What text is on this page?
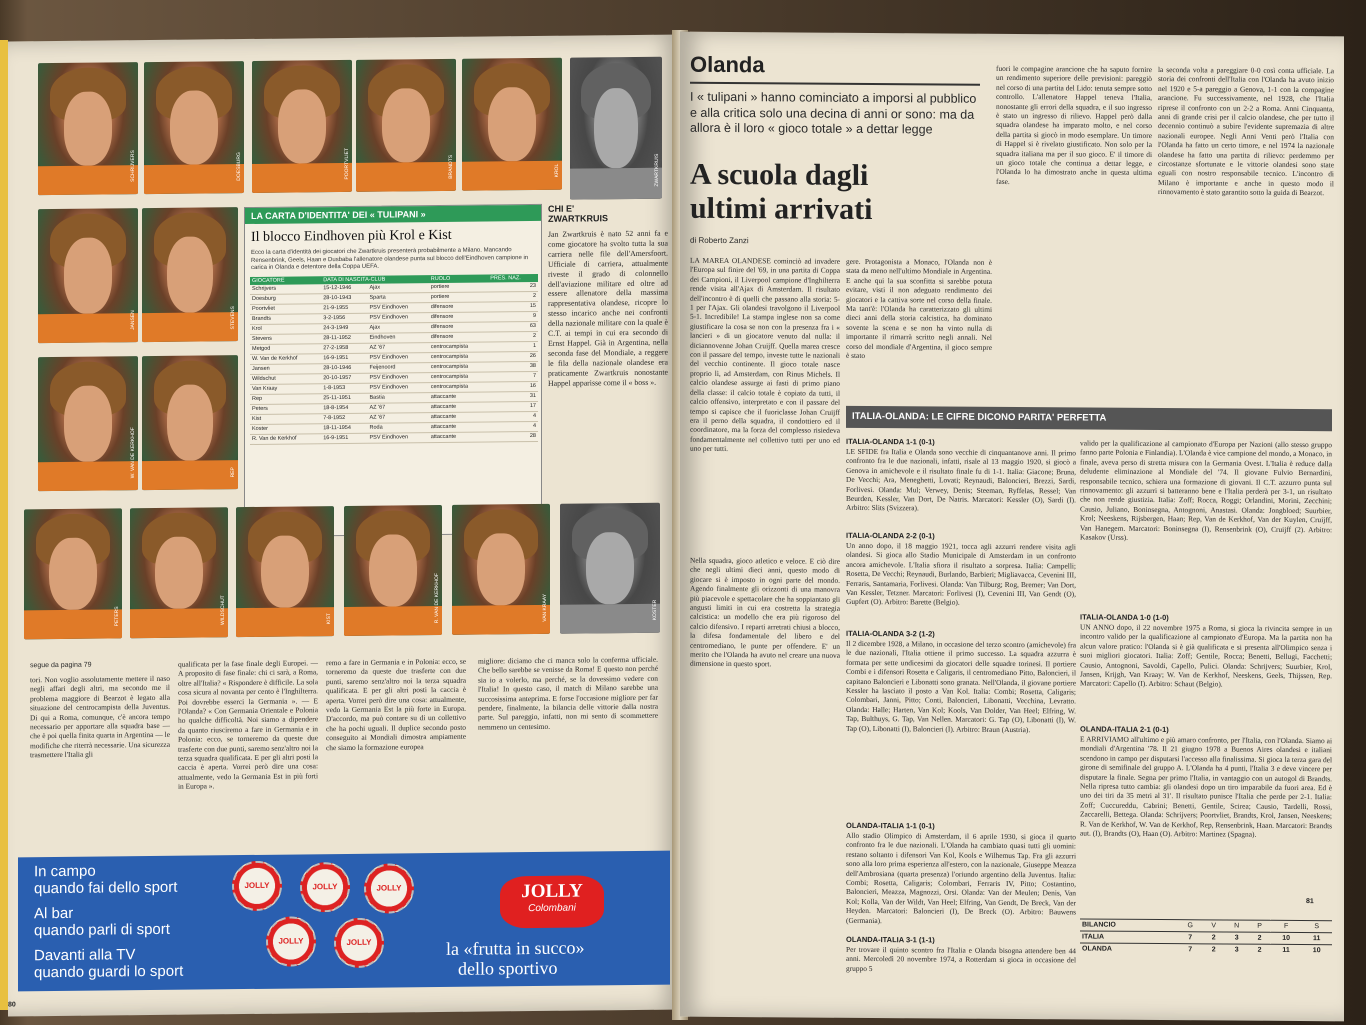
LA CARTA D'IDENTITA' DEI « TULIPANI »
Il blocco Eindhoven più Krol e Kist

Ecco la carta d'identità dei giocatori che Zwartkruis presenterà probabilmente a Milano. Mancando Rensenbrink, Geels, Haan e Dusbaba l'allenatore olandese punta sul blocco dell'Eindhoven campione in carica in Olanda e detentore della Coppa UEFA.

GIOCATORE	DATA DI NASCITA-CLUB		RUOLO	PRES. NAZ.
Schrijvers	15-12-1946	Ajax	portiere	23
Doesburg	28-10-1943	Sparta	portiere	2
Poortvliet	21-9-1955	PSV Eindhoven	difensore	15
Brandts	3-2-1956	PSV Eindhoven	difensore	9
Krol	24-3-1949	Ajax	difensore	63
Stevens	28-11-1952	Eindhoven	difensore	2
Metgod	27-2-1958	AZ '67	centrocampista	1
W. Van de Kerkhof	16-9-1951	PSV Eindhoven	centrocampista	26
Jansen	28-10-1946	Feijenoord	centrocampista	38
Wildschut	20-10-1957	PSV Eindhoven	centrocampista	7
Van Kraay	1-8-1953	PSV Eindhoven	centrocampista	16
Rep	25-11-1951	Bastia	attaccante	31
Peters	18-8-1954	AZ '67	attaccante	17
Kist	7-8-1952	AZ '67	attaccante	4
Koster	18-11-1954	Roda	attaccante	4
R. Van de Kerkhof	16-9-1951	PSV Eindhoven	attaccante	28
CHI E' ZWARTKRUIS
Jan Zwartkruis è nato 52 anni fa e come giocatore ha svolto tutta la sua carriera nelle file dell'Amersfoort. Ufficiale di carriera, attualmente riveste il grado di colonnello dell'aviazione militare ed oltre ad essere allenatore della massima rappresentativa olandese, ricopre lo stesso incarico anche nei confronti della nazionale militare con la quale è C.T. ai tempi in cui era secondo di Ernst Happel. Già in Argentina, nella seconda fase del Mondiale, a reggere le fila della nazionale olandese era praticamente Zwartkruis nonostante Happel apparisse come il « boss ».
segue da pagina 79
tori. Non voglio assolutamente mettere il naso negli affari degli altri, ma secondo me il problema maggiore di Bearzot è legato alla situazione del centrocampista della Juventus. Di qui a Roma, comunque, c'è ancora tempo necessario per apportare alla squadra base — che è poi quella finita quarta in Argentina — le modifiche che riterrà necessarie. Una sicurezza trasmettere l'Italia gli
qualificata per la fase finale degli Europei. — A proposito di fase finale: chi ci sarà, a Roma, oltre all'Italia? « Rispondere è difficile. La sola cosa sicura al novanta per cento è l'Inghilterra. Poi dovrebbe esserci la Germania ». — E l'Olanda? « Con Germania Orientale e Polonia ho qualche difficoltà. Noi siamo a dipendere da quanto riusciremo a fare in Germania e in Polonia: ecco, se torneremo da queste due trasferte con due punti, saremo senz'altro noi la terza squadra qualificata. E per gli altri posti la caccia è aperta. Vorrei però dire una cosa: attualmente, vedo la Germania Est in più forti in Europa ».
remo a fare in Germania e in Polonia: ecco, se torneremo da queste due trasferte con due punti, saremo senz'altro noi la terza squadra qualificata. E per gli altri posti la caccia è aperta. Vorrei però dire una cosa: attualmente, vedo la Germania Est la più forte in Europa. D'accordo, ma può contare su di un collettivo che ha pochi uguali. Il duplice secondo posto conseguito ai Mondiali dimostra ampiamente che siamo la formazione europea
migliore: diciamo che ci manca solo la conferma ufficiale. Che bello sarebbe se venisse da Roma! E questo non perché sia io a volerlo, ma perché, se la dovessimo vedere con l'Italia! In questo caso, il match di Milano sarebbe una succosissima anteprima. E forse l'occasione migliore per far pendere, finalmente, la bilancia delle vittorie dalla nostra parte. Sul pareggio, infatti, non mi sento di scommettere nemmeno un centesimo.
In campo
quando fai dello sport
Al bar
quando parli di sport
Davanti alla TV
quando guardi lo sport
JOLLY	JOLLY	JOLLY
JOLLY	JOLLY
JOLLY
Colombani
la «frutta in succo»
dello sportivo
80
SCHRIJVERS	DOESBURG	POORTVLIET	BRANDTS	KROL	ZWARTKRUIS
JANSEN	STEVENS
W. VAN DE KERKHOF	REP
PETERS	WILDSCHUT	KIST	R. VAN DE KERKHOF	VAN KRAAY	KOSTER
Olanda
I « tulipani » hanno cominciato a imporsi al pubblico e alla critica solo una decina di anni or sono: ma da allora è il loro « gioco totale » a dettar legge
A scuola dagli
ultimi arrivati
di Roberto Zanzi
LA MAREA OLANDESE cominciò ad invadere l'Europa sul finire del '69, in una partita di Coppa dei Campioni, il Liverpool campione d'Inghilterra rende visita all'Ajax di Amsterdam. Il risultato dell'incontro è di quelli che passano alla storia: 5-1 per l'Ajax. Gli olandesi travolgono il Liverpool 5-1. Incredibile! La stampa inglese non sa come giustificare la cosa se non con la presenza fra i « lancieri » di un giocatore venuto dal nulla: il diciannovenne Johan Cruijff. Quella marea cresce con il passare del tempo, investe tutte le nazionali del vecchio continente. Il gioco totale nasce proprio lì, ad Amsterdam, con Rinus Michels. Il calcio olandese assurge ai fasti di primo piano della classe: il calcio totale è copiato da tutti, il calcio offensivo, interpretato e con il passare del tempo si capisce che il fuoriclasse Johan Cruijff era il perno della squadra, il condottiero ed il coordinatore, ma la forza del complesso risiedeva fondamentalmente nel collettivo tutti per uno ed uno per tutti.
Nella squadra, gioco atletico e veloce. E ciò dire che negli ultimi dieci anni, questo modo di giocare si è imposto in ogni parte del mondo. Agendo finalmente gli orizzonti di una manovra più piacevole e spettacolare che ha soppiantato gli angusti limiti in cui era costretta la strategia calcistica: un modello che era più rigoroso del calcio difensivo. I reparti arretrati chiusi a blocco, la difesa fondamentale del libero e del centromediano, le punte per offendere. E' un merito che l'Olanda ha avuto nel creare una nuova dimensione in questo sport.
gere. Protagonista a Monaco, l'Olanda non è stata da meno nell'ultimo Mondiale in Argentina. E anche qui la sua sconfitta si sarebbe potuta evitare, visti il non adeguato rendimento dei giocatori e la cattiva sorte nel corso della finale. Ma tant'è: l'Olanda ha caratterizzato gli ultimi dieci anni della storia calcistica, ha dominato sovente la scena e se non ha vinto nulla di importante il rimarrà scritto negli annali. Nel corso del mondiale d'Argentina, il gioco sempre è stato
fuori le compagine arancione che ha saputo fornire un rendimento superiore delle previsioni: pareggiò nel corso di una partita del Lido: tenuta sempre sotto controllo. L'allenatore Happel teneva l'Italia, nonostante gli errori della squadra, e il suo ingresso è stato un ingresso di rilievo. Happel però dalla squadra olandese ha imparato molto, e nel corso della partita si giocò in modo esemplare. Un timore di Happel si è rivelato giustificato. Non solo per la squadra italiana ma per il suo gioco. E' il timore di un gioco totale che continua a dettar legge, e l'Olanda lo ha dimostrato anche in questa ultima fase.
la seconda volta a pareggiare 0-0 così conta ufficiale. La storia dei confronti dell'Italia con l'Olanda ha avuto inizio nel 1920 e 5-a pareggio a Genova, 1-1 con la compagine arancione. Fu successivamente, nel 1928, che l'Italia riprese il confronto con un 2-2 a Roma. Anni Cinquanta, anni di grande crisi per il calcio olandese, che per tutto il decennio continuò a subire l'evidente supremazia di altre nazionali europee. Negli Anni Venti però l'Italia con l'Olanda ha fatto un certo timore, e nel 1974 la nazionale olandese ha fatto una partita di rilievo: perdemmo per circostanze sfortunate e le vittorie olandesi sono state eguali con nostro responsabile tecnico. L'incontro di Milano è importante e anche in questo modo il rinnovamento è stato garantito sotto la guida di Bearzot.
ITALIA-OLANDA: LE CIFRE DICONO PARITA' PERFETTA
ITALIA-OLANDA 1-1 (0-1)
LE SFIDE fra Italia e Olanda sono vecchie di cinquantanove anni. Il primo confronto fra le due nazionali, infatti, risale al 13 maggio 1920, si giocò a Genova in amichevole e il risultato finale fu di 1-1. Italia: Giacone; Bruna, De Vecchi; Ara, Meneghetti, Lovati; Reynaudi, Baloncieri, Brezzi, Sardi, Forlivesi. Olanda: Mul; Verwey, Denis; Steeman, Ryffelas, Ressel; Van Beurden, Kessler, Van Dort, De Natris. Marcatori: Kessler (O), Sardi (I). Arbitro: Slits (Svizzera).
ITALIA-OLANDA 2-2 (0-1)
Un anno dopo, il 18 maggio 1921, tocca agli azzurri rendere visita agli olandesi. Si gioca allo Stadio Municipale di Amsterdam in un confronto ancora amichevole. L'Italia sfiora il risultato a sorpresa. Italia: Campelli; Rosetta, De Vecchi; Reynaudi, Burlando, Barbieri; Migliavacca, Cevenini III, Ferraris, Santamaria, Forlivesi. Olanda: Van Tilburg; Rog, Bremer; Van Dort, Van Kessler, Tetzner. Marcatori: Forlivesi (I), Cevenini III, Van Gendt (O), Gupfert (O). Arbitro: Barette (Belgio).
ITALIA-OLANDA 3-2 (1-2)
Il 2 dicembre 1928, a Milano, in occasione del terzo scontro (amichevole) fra le due nazionali, l'Italia ottiene il primo successo. La squadra azzurra è formata per sette undicesimi da giocatori delle squadre torinesi. Il portiere Combi e i difensori Rosetta e Caligaris, il centromediano Pitto, Baloncieri, il capitano Baloncieri e Libonatti sono granata. Nell'Olanda, il giovane portiere Kessler ha lasciato il posto a Van Kol. Italia: Combi; Rosetta, Caligaris; Colombari, Janni, Pitto; Conti, Baloncieri, Libonatti, Vecchina, Levratto. Olanda: Halle; Harten, Van Kol; Kools, Van Dolder, Van Heel; Elfring, W. Tap, Bulthuys, G. Tap, Van Nellen. Marcatori: G. Tap (O), Libonatti (I), W. Tap (O), Libonatti (I), Baloncieri (I). Arbitro: Braun (Austria).
OLANDA-ITALIA 1-1 (0-1)
Allo stadio Olimpico di Amsterdam, il 6 aprile 1930, si gioca il quarto confronto fra le due nazionali. L'Olanda ha cambiato quasi tutti gli uomini: restano soltanto i difensori Van Kol, Kools e Wilhemus Tap. Fra gli azzurri sono alla loro prima esperienza all'estero, con la nazionale, Giuseppe Meazza dell'Ambrosiana (quarta presenza) l'oriundo argentino della Juventus. Italia: Combi; Rosetta, Caligaris; Colombari, Ferraris IV, Pitto; Costantino, Baloncieri, Meazza, Magnozzi, Orsi. Olanda: Van der Meulen; Denis, Van Kol; Kolla, Van der Wildt, Van Heel; Elfring, Van Gendt, De Breck, Van der Heyden. Marcatori: Baloncieri (I), De Breck (O). Arbitro: Bauwens (Germania).
OLANDA-ITALIA 3-1 (1-1)
Per trovare il quinto scontro fra l'Italia e Olanda bisogna attendere ben 44 anni. Mercoledì 20 novembre 1974, a Rotterdam si gioca in occasione del gruppo 5
valido per la qualificazione al campionato d'Europa per Nazioni (allo stesso gruppo fanno parte Polonia e Finlandia). L'Olanda è vice campione del mondo, a Monaco, in finale, aveva perso di stretta misura con la Germania Ovest. L'Italia è reduce dalla deludente eliminazione al Mondiale del '74. Il giovane Fulvio Bernardini, responsabile tecnico, schiera una formazione di giovani. Il C.T. azzurro punta sul rinnovamento: gli azzurri si batteranno bene e l'Italia perderà per 3-1, un risultato che non rende giustizia. Italia: Zoff; Rocca, Roggi; Orlandini, Morini, Zecchini; Causio, Juliano, Boninsegna, Antognoni, Anastasi. Olanda: Jongbloed; Suurbier, Krol; Neeskens, Rijsbergen, Haan; Rep, Van de Kerkhof, Van der Kuylen, Cruijff, Van Hanegem. Marcatori: Boninsegna (I), Rensenbrink (O), Cruijff (2). Arbitro: Kasakov (Urss).
ITALIA-OLANDA 1-0 (1-0)
UN ANNO dopo, il 22 novembre 1975 a Roma, si gioca la rivincita sempre in un incontro valido per la qualificazione al campionato d'Europa. Ma la partita non ha alcun valore pratico: l'Olanda si è già qualificata e si presenta all'Olimpico senza i suoi migliori giocatori. Italia: Zoff; Gentile, Rocca; Benetti, Bellugi, Facchetti; Causio, Antognoni, Savoldi, Capello, Pulici. Olanda: Schrijvers; Suurbier, Krol, Jansen, Krijgh, Van Kraay; W. Van de Kerkhof, Neeskens, Geels, Thijssen, Rep. Marcatori: Capello (I). Arbitro: Schaut (Belgio).
OLANDA-ITALIA 2-1 (0-1)
E ARRIVIAMO all'ultimo e più amaro confronto, per l'Italia, con l'Olanda. Siamo ai mondiali d'Argentina '78. Il 21 giugno 1978 a Buenos Aires olandesi e italiani scendono in campo per disputarsi l'accesso alla finalissima. Si gioca la terza gara del girone di semifinale del gruppo A. L'Olanda ha 4 punti, l'Italia 3 e deve vincere per disputare la finale. Segna per primo l'Italia, in vantaggio con un autogol di Brandts. Nella ripresa tutto cambia: gli olandesi dopo un tiro imparabile da fuori area. Ed è uno dei tiri da 35 metri al 31'. Il risultato punisce l'Italia che perde per 2-1. Italia: Zoff; Cuccureddu, Cabrini; Benetti, Gentile, Scirea; Causio, Tardelli, Rossi, Zaccarelli, Bettega. Olanda: Schrijvers; Poortvliet, Brandts, Krol, Jansen, Neeskens; R. Van de Kerkhof, W. Van de Kerkhof, Rep, Rensenbrink, Haan. Marcatori: Brandts aut. (I), Brandts (O), Haan (O). Arbitro: Martinez (Spagna).
BILANCIO	G	V	N	P	F	S
ITALIA	7	2	3	2	10	11
OLANDA	7	2	3	2	11	10
81
